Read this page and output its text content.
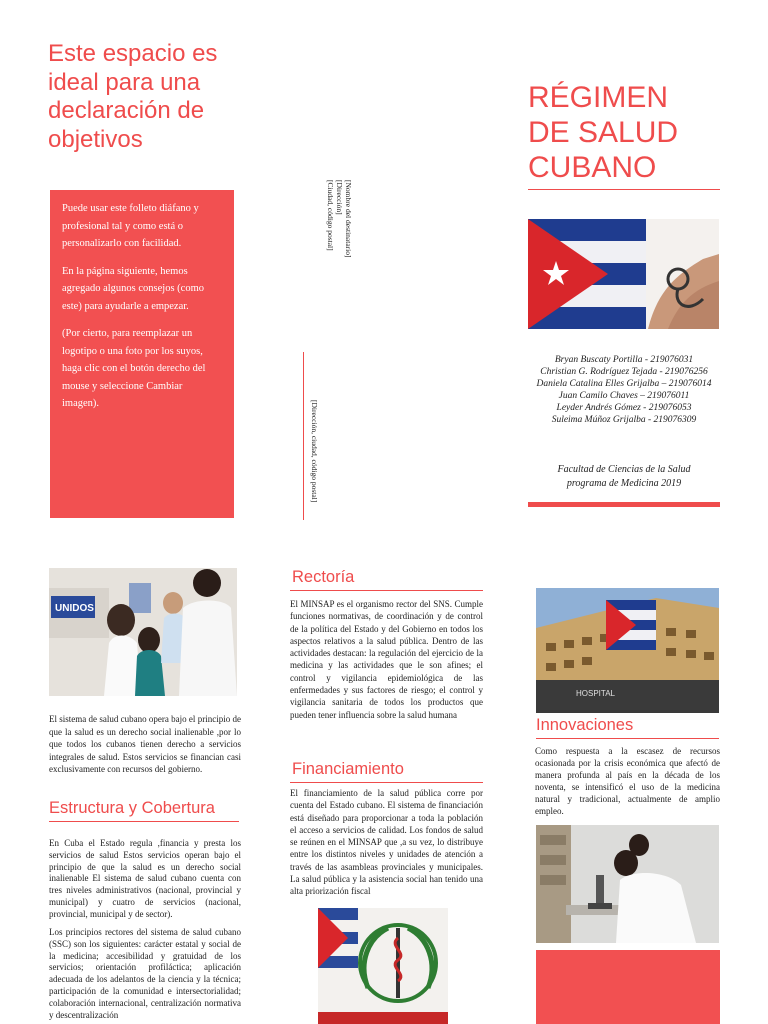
Este espacio es ideal para una declaración de objetivos

Puede usar este folleto diáfano y profesional tal y como está o personalizarlo con facilidad.

En la página siguiente, hemos agregado algunos consejos (como este) para ayudarle a empezar.

(Por cierto, para reemplazar un logotipo o una foto por los suyos, haga clic con el botón derecho del mouse y seleccione Cambiar imagen).

[Nombre del destinatario]
[Dirección]
[Ciudad, código postal]
[Dirección, ciudad, código postal]
RÉGIMEN
DE SALUD
CUBANO
Bryan Buscaty Portilla - 219076031
Christian G. Rodríguez Tejada - 219076256
Daniela Catalina Elles Grijalba – 219076014
Juan Camilo Chaves – 219076011
Leyder Andrés Gómez - 219076053
Suleima Múñoz Grijalba - 219076309
Facultad de Ciencias de la Salud
programa de Medicina 2019
UNIDOS
El sistema de salud cubano opera bajo el principio de que la salud es un derecho social inalienable ,por lo que todos los cubanos tienen derecho a servicios integrales de salud. Estos servicios se financian casi exclusivamente con recursos del gobierno.
Estructura y Cobertura
En Cuba el Estado regula ,financia y presta los servicios de salud Estos servicios operan bajo el principio de que la salud es un derecho social inalienable El sistema de salud cubano cuenta con tres niveles administrativos (nacional, provincial y municipal) y cuatro de servicios (nacional, provincial, municipal y de sector).
Los principios rectores del sistema de salud cubano (SSC) son los siguientes: carácter estatal y social de la medicina; accesibilidad y gratuidad de los servicios; orientación profiláctica; aplicación adecuada de los adelantos de la ciencia y la técnica; participación de la comunidad e intersectorialidad; colaboración internacional, centralización normativa y descentralización
Rectoría
El MINSAP es el organismo rector del SNS. Cumple funciones normativas, de coordinación y de control de la política del Estado y del Gobierno en todos los aspectos relativos a la salud pública. Dentro de las actividades destacan: la regulación del ejercicio de la medicina y las actividades que le son afines; el control y vigilancia epidemiológica de las enfermedades y sus factores de riesgo; el control y vigilancia sanitaria de todos los productos que pueden tener influencia sobre la salud humana
Financiamiento
El financiamiento de la salud pública corre por cuenta del Estado cubano. El sistema de financiación está diseñado para proporcionar a toda la población el acceso a servicios de calidad. Los fondos de salud se reúnen en el MINSAP que ,a su vez, lo distribuye entre los distintos niveles y unidades de atención a través de las asambleas provinciales y municipales. La salud pública y la asistencia social han tenido una alta priorización fiscal
HOSPITAL
Innovaciones
Como respuesta a la escasez de recursos ocasionada por la crisis económica que afectó de manera profunda al país en la década de los noventa, se intensificó el uso de la medicina natural y tradicional, actualmente de amplio empleo.
